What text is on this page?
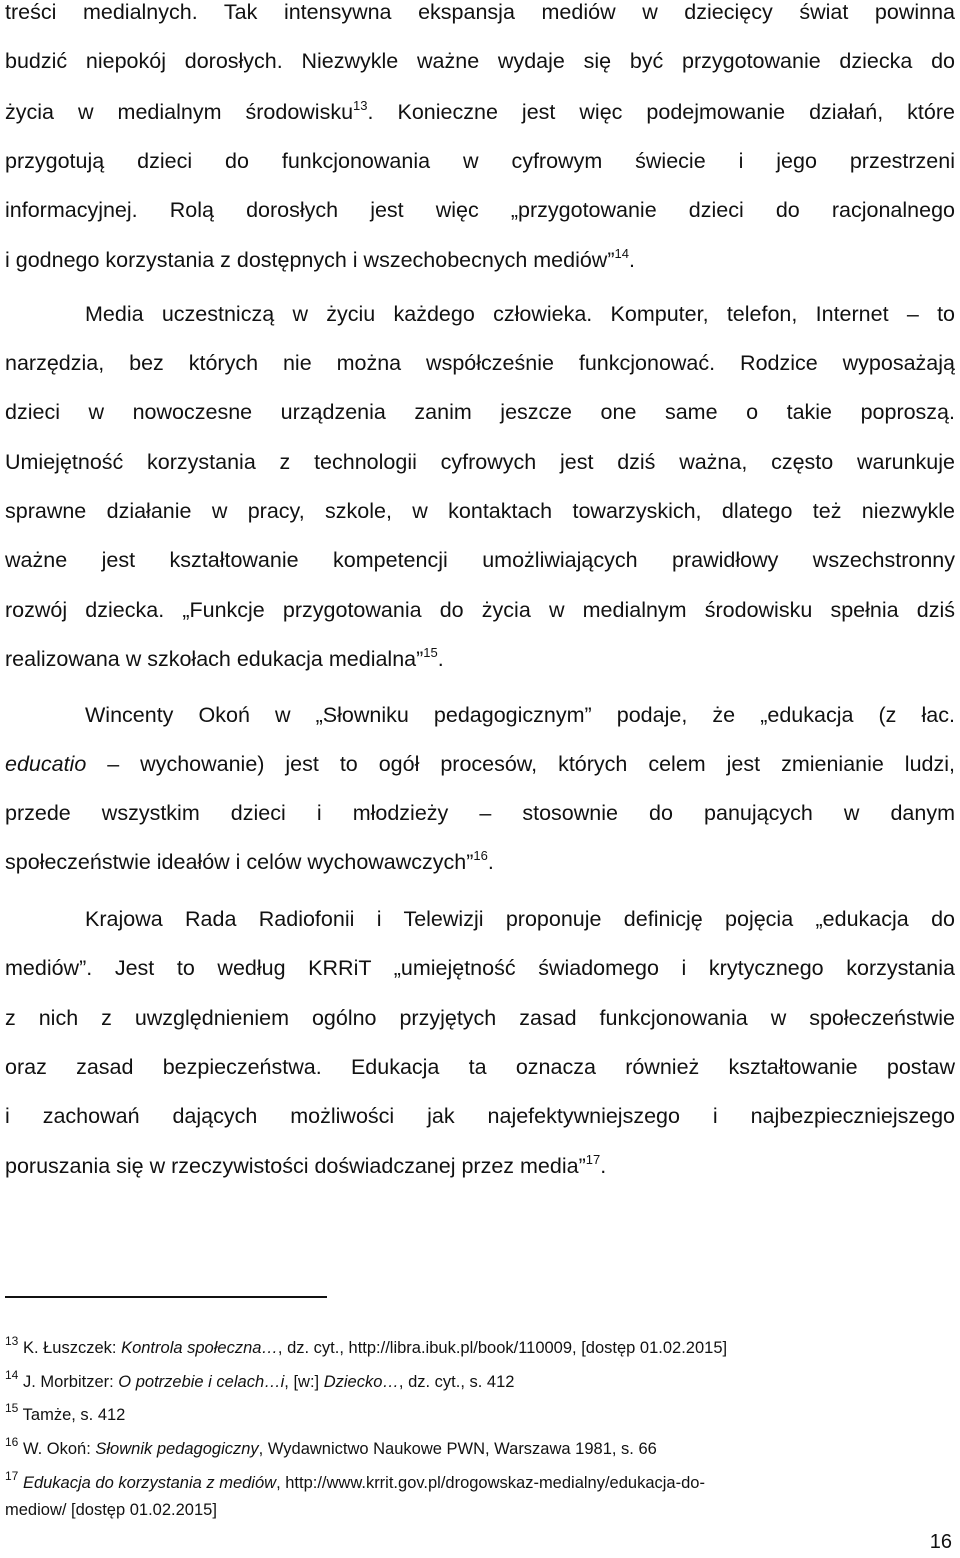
treści medialnych. Tak intensywna ekspansja mediów w dziecięcy świat powinna
budzić niepokój dorosłych. Niezwykle ważne wydaje się być przygotowanie dziecka do
życia w medialnym środowisku$^{13}$. Konieczne jest więc podejmowanie działań, które
przygotują dzieci do funkcjonowania w cyfrowym świecie i jego przestrzeni
informacyjnej. Rolą dorosłych jest więc „przygotowanie dzieci do racjonalnego
i godnego korzystania z dostępnych i wszechobecnych mediów”$^{14}$.
Media uczestniczą w życiu każdego człowieka. Komputer, telefon, Internet – to
narzędzia, bez których nie można współcześnie funkcjonować. Rodzice wyposażają
dzieci w nowoczesne urządzenia zanim jeszcze one same o takie poproszą.
Umiejętność korzystania z technologii cyfrowych jest dziś ważna, często warunkuje
sprawne działanie w pracy, szkole, w kontaktach towarzyskich, dlatego też niezwykle
ważne jest kształtowanie kompetencji umożliwiających prawidłowy wszechstronny
rozwój dziecka. „Funkcje przygotowania do życia w medialnym środowisku spełnia dziś
realizowana w szkołach edukacja medialna”$^{15}$.
Wincenty Okoń w „Słowniku pedagogicznym” podaje, że „edukacja (z łac.
educatio – wychowanie) jest to ogół procesów, których celem jest zmienianie ludzi,
przede wszystkim dzieci i młodzieży – stosownie do panujących w danym
społeczeństwie ideałów i celów wychowawczych”$^{16}$.
Krajowa Rada Radiofonii i Telewizji proponuje definicję pojęcia „edukacja do
mediów”. Jest to według KRRiT „umiejętność świadomego i krytycznego korzystania
z nich z uwzględnieniem ogólno przyjętych zasad funkcjonowania w społeczeństwie
oraz zasad bezpieczeństwa. Edukacja ta oznacza również kształtowanie postaw
i zachowań dających możliwości jak najefektywniejszego i najbezpieczniejszego
poruszania się w rzeczywistości doświadczanej przez media”$^{17}$.
$^{13}$ K. Łuszczek: Kontrola społeczna…, dz. cyt., http://libra.ibuk.pl/book/110009, [dostęp 01.02.2015]
$^{14}$ J. Morbitzer: O potrzebie i celach…i, [w:] Dziecko…, dz. cyt., s. 412
$^{15}$ Tamże, s. 412
$^{16}$ W. Okoń: Słownik pedagogiczny, Wydawnictwo Naukowe PWN, Warszawa 1981, s. 66
$^{17}$ Edukacja do korzystania z mediów, http://www.krrit.gov.pl/drogowskaz-medialny/edukacja-do-
mediow/ [dostęp 01.02.2015]
16
